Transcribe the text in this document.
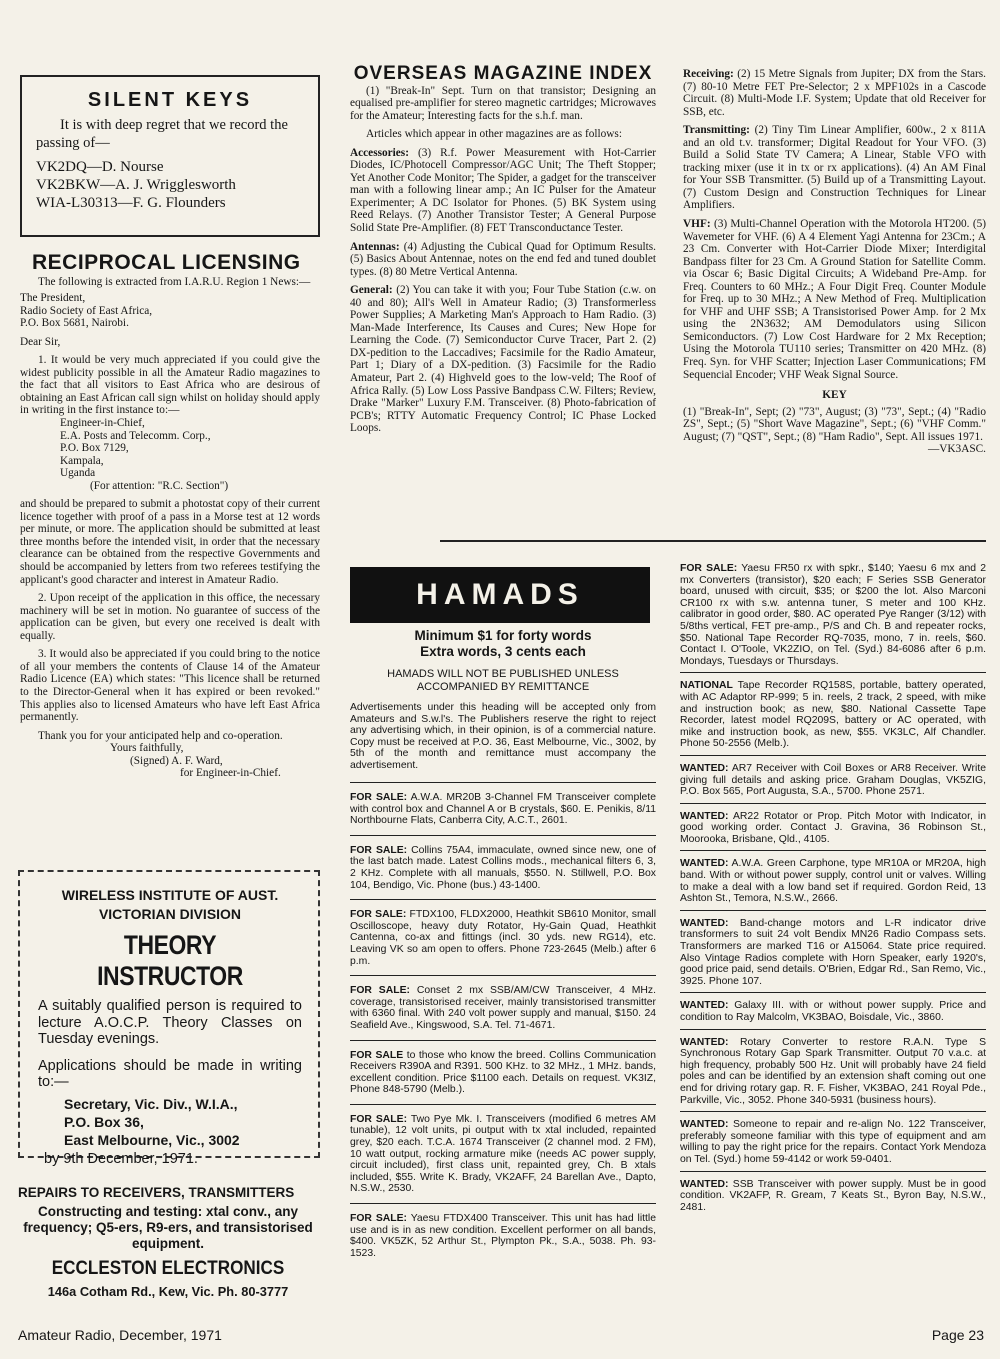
SILENT KEYS

It is with deep regret that we record the passing of—

VK2DQ—D. Nourse

VK2BKW—A. J. Wrigglesworth

WIA-L30313—F. G. Flounders

RECIPROCAL LICENSING

The following is extracted from I.A.R.U. Region 1 News:—

The President,

Radio Society of East Africa,

P.O. Box 5681, Nairobi.

Dear Sir,

1. It would be very much appreciated if you could give the widest publicity possible in all the Amateur Radio magazines to the fact that all visitors to East Africa who are desirous of obtaining an East African call sign whilst on holiday should apply in writing in the first instance to:—

Engineer-in-Chief,

E.A. Posts and Telecomm. Corp.,

P.O. Box 7129,

Kampala,

Uganda

(For attention: "R.C. Section")

and should be prepared to submit a photostat copy of their current licence together with proof of a pass in a Morse test at 12 words per minute, or more. The application should be submitted at least three months before the intended visit, in order that the necessary clearance can be obtained from the respective Governments and should be accompanied by letters from two referees testifying the applicant's good character and interest in Amateur Radio.

2. Upon receipt of the application in this office, the necessary machinery will be set in motion. No guarantee of success of the application can be given, but every one received is dealt with equally.

3. It would also be appreciated if you could bring to the notice of all your members the contents of Clause 14 of the Amateur Radio Licence (EA) which states: "This licence shall be returned to the Director-General when it has expired or been revoked." This applies also to licensed Amateurs who have left East Africa permanently.

Thank you for your anticipated help and co-operation.

Yours faithfully,

(Signed) A. F. Ward,

for Engineer-in-Chief.

WIRELESS INSTITUTE OF AUST.

VICTORIAN DIVISION

THEORY INSTRUCTOR

A suitably qualified person is required to lecture A.O.C.P. Theory Classes on Tuesday evenings.

Applications should be made in writing to:—

Secretary, Vic. Div., W.I.A.,

P.O. Box 36,

East Melbourne, Vic., 3002

by 9th December, 1971.

REPAIRS TO RECEIVERS, TRANSMITTERS

Constructing and testing: xtal conv., any frequency; Q5-ers, R9-ers, and transistorised equipment.

ECCLESTON ELECTRONICS

146a Cotham Rd., Kew, Vic. Ph. 80-3777

OVERSEAS MAGAZINE INDEX

(1) "Break-In" Sept. Turn on that transistor; Designing an equalised pre-amplifier for stereo magnetic cartridges; Microwaves for the Amateur; Interesting facts for the s.h.f. man.

Articles which appear in other magazines are as follows:

Accessories: (3) R.f. Power Measurement with Hot-Carrier Diodes, IC/Photocell Compressor/AGC Unit; The Theft Stopper; Yet Another Code Monitor; The Spider, a gadget for the transceiver man with a following linear amp.; An IC Pulser for the Amateur Experimenter; A DC Isolator for Phones. (5) BK System using Reed Relays. (7) Another Transistor Tester; A General Purpose Solid State Pre-Amplifier. (8) FET Transconductance Tester.

Antennas: (4) Adjusting the Cubical Quad for Optimum Results. (5) Basics About Antennae, notes on the end fed and tuned doublet types. (8) 80 Metre Vertical Antenna.

General: (2) You can take it with you; Four Tube Station (c.w. on 40 and 80); All's Well in Amateur Radio; (3) Transformerless Power Supplies; A Marketing Man's Approach to Ham Radio. (3) Man-Made Interference, Its Causes and Cures; New Hope for Learning the Code. (7) Semiconductor Curve Tracer, Part 2. (2) DX-pedition to the Laccadives; Facsimile for the Radio Amateur, Part 1; Diary of a DX-pedition. (3) Facsimile for the Radio Amateur, Part 2. (4) Highveld goes to the low-veld; The Roof of Africa Rally. (5) Low Loss Passive Bandpass C.W. Filters; Review, Drake "Marker" Luxury F.M. Transceiver. (8) Photo-fabrication of PCB's; RTTY Automatic Frequency Control; IC Phase Locked Loops.

Receiving: (2) 15 Metre Signals from Jupiter; DX from the Stars. (7) 80-10 Metre FET Pre-Selector; 2 x MPF102s in a Cascode Circuit. (8) Multi-Mode I.F. System; Update that old Receiver for SSB, etc.

Transmitting: (2) Tiny Tim Linear Amplifier, 600w., 2 x 811A and an old t.v. transformer; Digital Readout for Your VFO. (3) Build a Solid State TV Camera; A Linear, Stable VFO with tracking mixer (use it in tx or rx applications). (4) An AM Final for Your SSB Transmitter. (5) Build up of a Transmitting Layout. (7) Custom Design and Construction Techniques for Linear Amplifiers.

VHF: (3) Multi-Channel Operation with the Motorola HT200. (5) Wavemeter for VHF. (6) A 4 Element Yagi Antenna for 23Cm.; A 23 Cm. Converter with Hot-Carrier Diode Mixer; Interdigital Bandpass filter for 23 Cm. A Ground Station for Satellite Comm. via Oscar 6; Basic Digital Circuits; A Wideband Pre-Amp. for Freq. Counters to 60 MHz.; A Four Digit Freq. Counter Module for Freq. up to 30 MHz.; A New Method of Freq. Multiplication for VHF and UHF SSB; A Transistorised Power Amp. for 2 Mx using the 2N3632; AM Demodulators using Silicon Semiconductors. (7) Low Cost Hardware for 2 Mx Reception; Using the Motorola TU110 series; Transmitter on 420 MHz. (8) Freq. Syn. for VHF Scatter; Injection Laser Communications; FM Sequencial Encoder; VHF Weak Signal Source.

KEY

(1) "Break-In", Sept; (2) "73", August; (3) "73", Sept.; (4) "Radio ZS", Sept.; (5) "Short Wave Magazine", Sept.; (6) "VHF Comm." August; (7) "QST", Sept.; (8) "Ham Radio", Sept. All issues 1971.

—VK3ASC.

HAMADS

Minimum $1 for forty words

Extra words, 3 cents each

HAMADS WILL NOT BE PUBLISHED UNLESS ACCOMPANIED BY REMITTANCE

Advertisements under this heading will be accepted only from Amateurs and S.w.l's. The Publishers reserve the right to reject any advertising which, in their opinion, is of a commercial nature. Copy must be received at P.O. 36, East Melbourne, Vic., 3002, by 5th of the month and remittance must accompany the advertisement.

FOR SALE: A.W.A. MR20B 3-Channel FM Transceiver complete with control box and Channel A or B crystals, $60. E. Penikis, 8/11 Northbourne Flats, Canberra City, A.C.T., 2601.

FOR SALE: Collins 75A4, immaculate, owned since new, one of the last batch made. Latest Collins mods., mechanical filters 6, 3, 2 KHz. Complete with all manuals, $550. N. Stillwell, P.O. Box 104, Bendigo, Vic. Phone (bus.) 43-1400.

FOR SALE: FTDX100, FLDX2000, Heathkit SB610 Monitor, small Oscilloscope, heavy duty Rotator, Hy-Gain Quad, Heathkit Cantenna, co-ax and fittings (incl. 30 yds. new RG14), etc. Leaving VK so am open to offers. Phone 723-2645 (Melb.) after 6 p.m.

FOR SALE: Conset 2 mx SSB/AM/CW Transceiver, 4 MHz. coverage, transistorised receiver, mainly transistorised transmitter with 6360 final. With 240 volt power supply and manual, $150. 24 Seafield Ave., Kingswood, S.A. Tel. 71-4671.

FOR SALE to those who know the breed. Collins Communication Receivers R390A and R391. 500 KHz. to 32 MHz., 1 MHz. bands, excellent condition. Price $1100 each. Details on request. VK3IZ, Phone 848-5790 (Melb.).

FOR SALE: Two Pye Mk. I. Transceivers (modified 6 metres AM tunable), 12 volt units, pi output with tx xtal included, repainted grey, $20 each. T.C.A. 1674 Transceiver (2 channel mod. 2 FM), 10 watt output, rocking armature mike (needs AC power supply, circuit included), first class unit, repainted grey, Ch. B xtals included, $55. Write K. Brady, VK2AFF, 24 Barellan Ave., Dapto, N.S.W., 2530.

FOR SALE: Yaesu FTDX400 Transceiver. This unit has had little use and is in as new condition. Excellent performer on all bands, $400. VK5ZK, 52 Arthur St., Plympton Pk., S.A., 5038. Ph. 93-1523.

FOR SALE: Yaesu FR50 rx with spkr., $140; Yaesu 6 mx and 2 mx Converters (transistor), $20 each; F Series SSB Generator board, unused with circuit, $35; or $200 the lot. Also Marconi CR100 rx with s.w. antenna tuner, S meter and 100 KHz. calibrator in good order, $80. AC operated Pye Ranger (3/12) with 5/8ths vertical, FET pre-amp., P/S and Ch. B and repeater rocks, $50. National Tape Recorder RQ-7035, mono, 7 in. reels, $60. Contact I. O'Toole, VK2ZIO, on Tel. (Syd.) 84-6086 after 6 p.m. Mondays, Tuesdays or Thursdays.

NATIONAL Tape Recorder RQ158S, portable, battery operated, with AC Adaptor RP-999; 5 in. reels, 2 track, 2 speed, with mike and instruction book; as new, $80. National Cassette Tape Recorder, latest model RQ209S, battery or AC operated, with mike and instruction book, as new, $55. VK3LC, Alf Chandler. Phone 50-2556 (Melb.).

WANTED: AR7 Receiver with Coil Boxes or AR8 Receiver. Write giving full details and asking price. Graham Douglas, VK5ZIG, P.O. Box 565, Port Augusta, S.A., 5700. Phone 2571.

WANTED: AR22 Rotator or Prop. Pitch Motor with Indicator, in good working order. Contact J. Gravina, 36 Robinson St., Moorooka, Brisbane, Qld., 4105.

WANTED: A.W.A. Green Carphone, type MR10A or MR20A, high band. With or without power supply, control unit or valves. Willing to make a deal with a low band set if required. Gordon Reid, 13 Ashton St., Temora, N.S.W., 2666.

WANTED: Band-change motors and L-R indicator drive transformers to suit 24 volt Bendix MN26 Radio Compass sets. Transformers are marked T16 or A15064. State price required. Also Vintage Radios complete with Horn Speaker, early 1920's, good price paid, send details. O'Brien, Edgar Rd., San Remo, Vic., 3925. Phone 107.

WANTED: Galaxy III. with or without power supply. Price and condition to Ray Malcolm, VK3BAO, Boisdale, Vic., 3860.

WANTED: Rotary Converter to restore R.A.N. Type S Synchronous Rotary Gap Spark Transmitter. Output 70 v.a.c. at high frequency, probably 500 Hz. Unit will probably have 24 field poles and can be identified by an extension shaft coming out one end for driving rotary gap. R. F. Fisher, VK3BAO, 241 Royal Pde., Parkville, Vic., 3052. Phone 340-5931 (business hours).

WANTED: Someone to repair and re-align No. 122 Transceiver, preferably someone familiar with this type of equipment and am willing to pay the right price for the repairs. Contact York Mendoza on Tel. (Syd.) home 59-4142 or work 59-0401.

WANTED: SSB Transceiver with power supply. Must be in good condition. VK2AFP, R. Gream, 7 Keats St., Byron Bay, N.S.W., 2481.

Amateur Radio, December, 1971	Page 23
